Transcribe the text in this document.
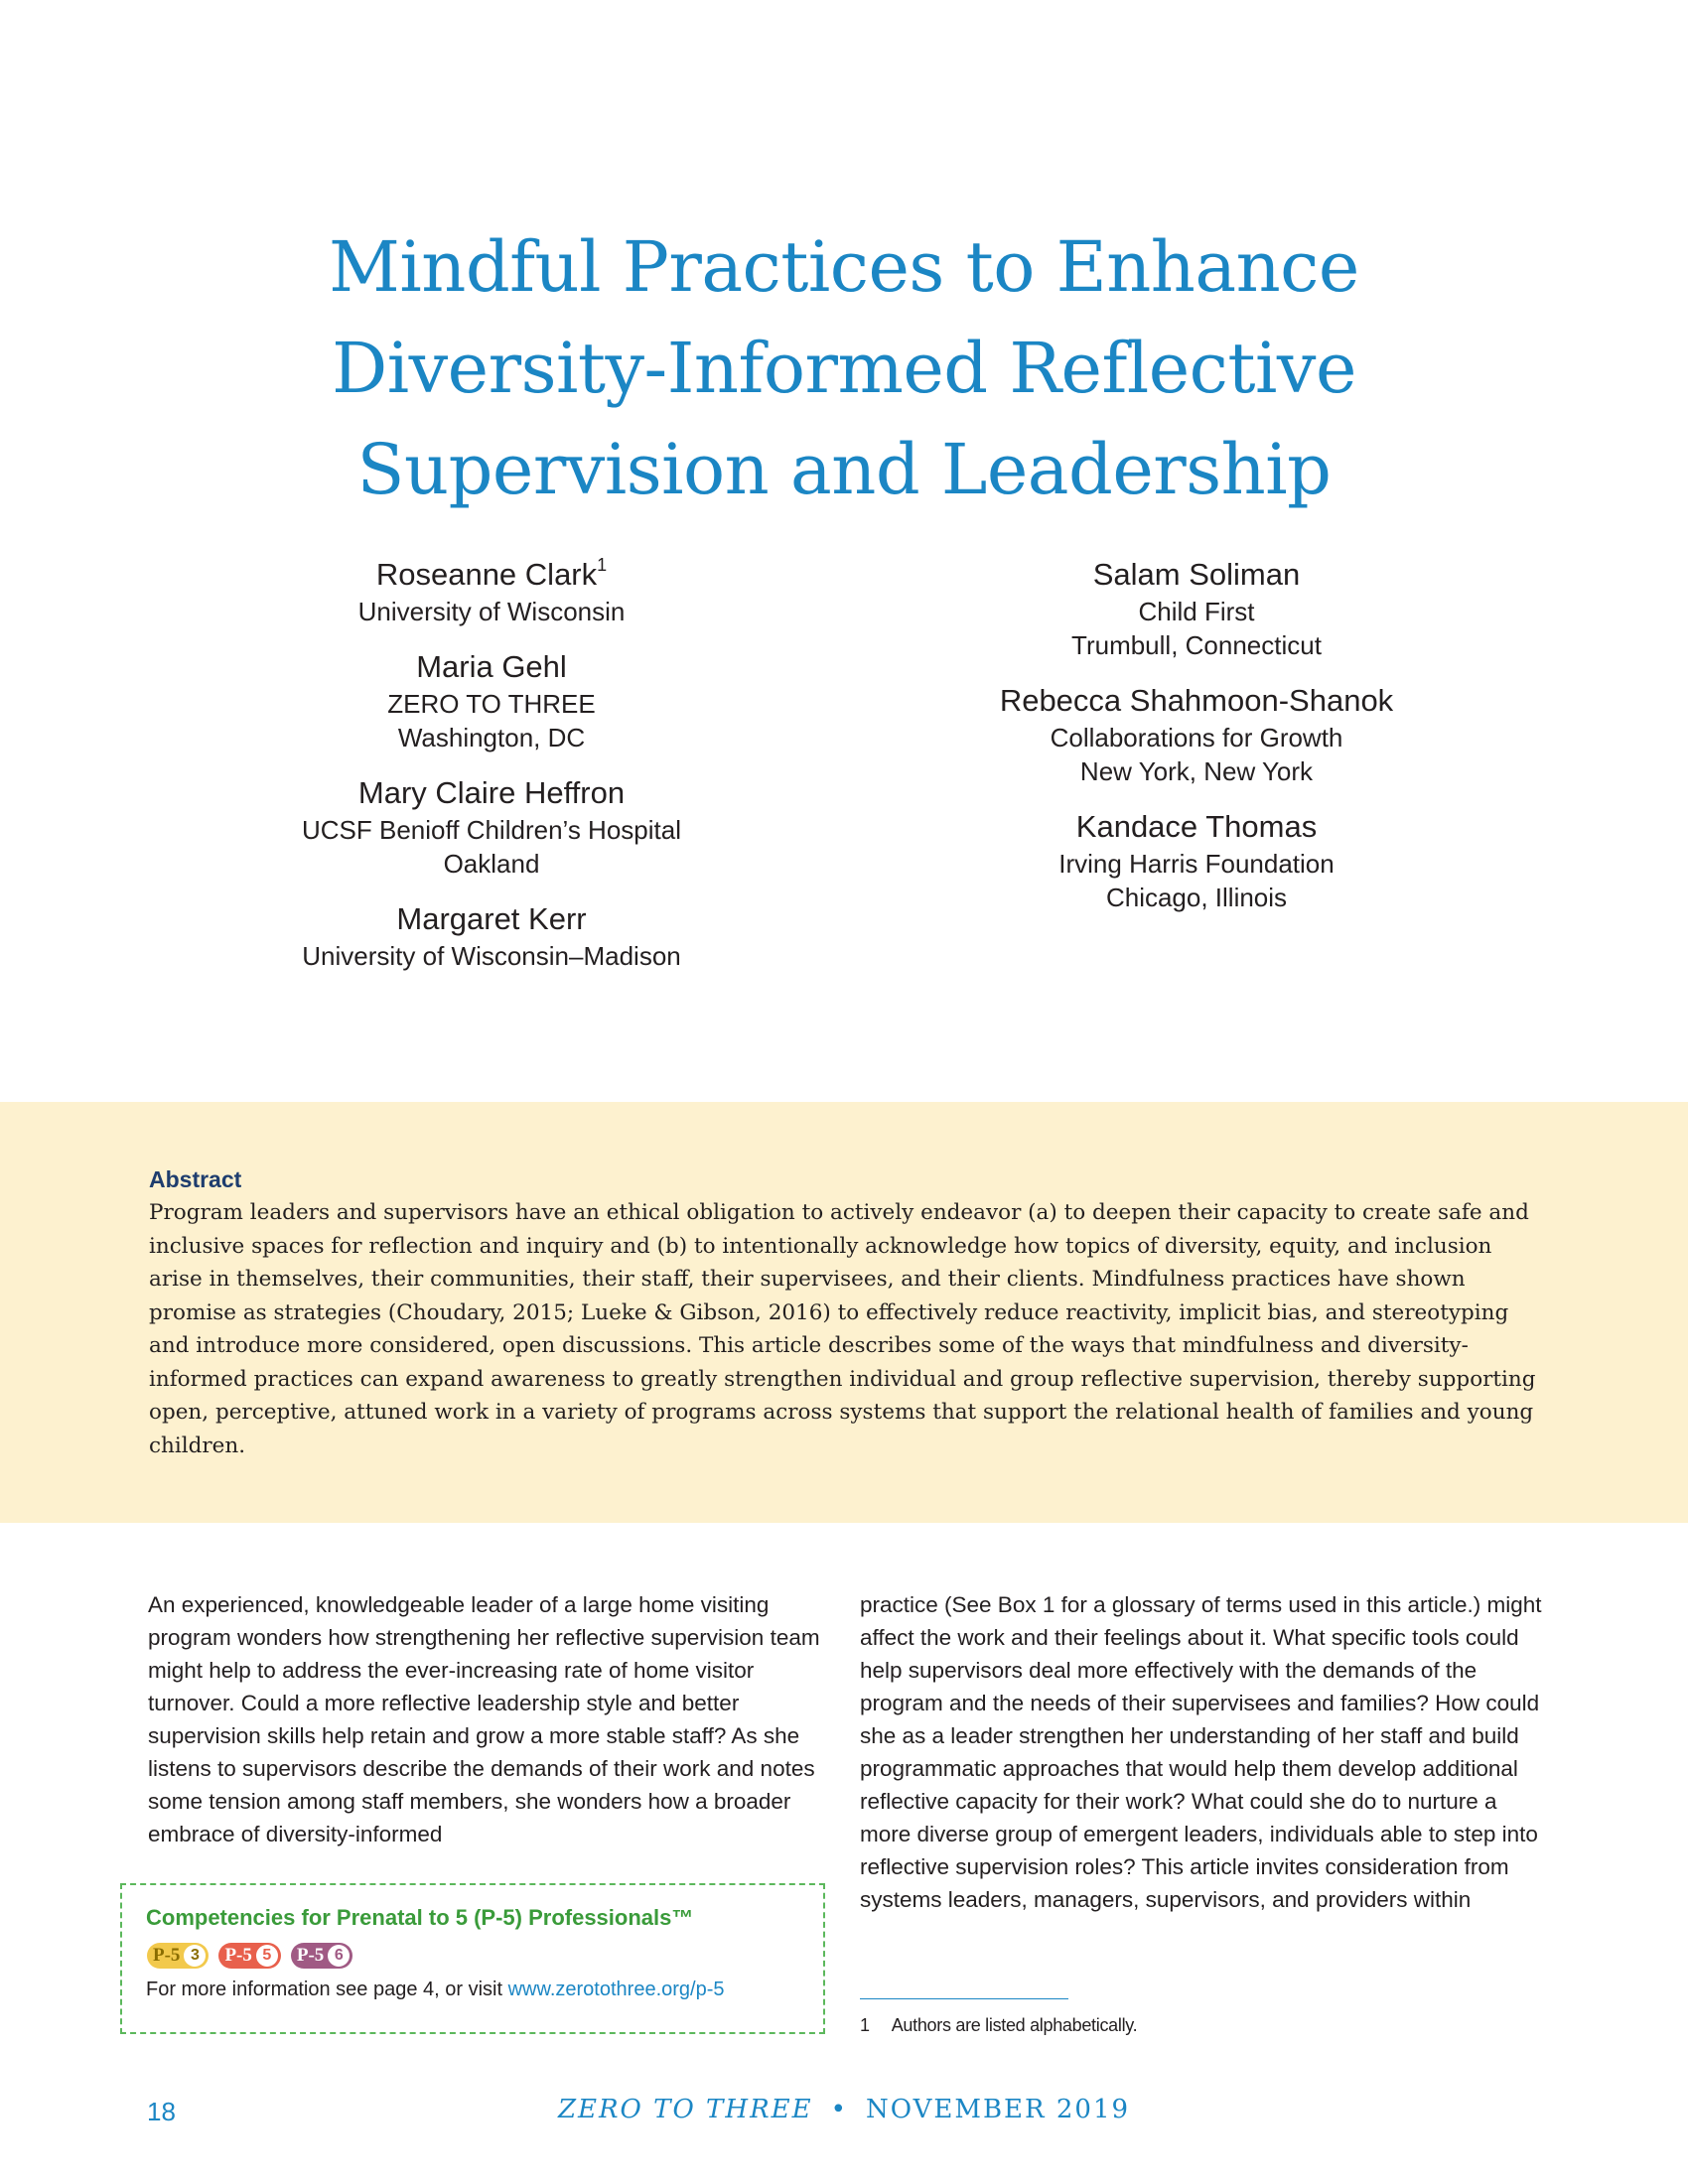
Mindful Practices to Enhance
Diversity-Informed Reflective
Supervision and Leadership
Roseanne Clark$^1$
University of Wisconsin
Maria Gehl
ZERO TO THREE
Washington, DC
Mary Claire Heffron
UCSF Benioff Children’s Hospital
Oakland
Margaret Kerr
University of Wisconsin–Madison
Salam Soliman
Child First
Trumbull, Connecticut
Rebecca Shahmoon-Shanok
Collaborations for Growth
New York, New York
Kandace Thomas
Irving Harris Foundation
Chicago, Illinois
Abstract
Program leaders and supervisors have an ethical obligation to actively endeavor (a) to deepen their capacity to create safe and inclusive spaces for reflection and inquiry and (b) to intentionally acknowledge how topics of diversity, equity, and inclusion arise in themselves, their communities, their staff, their supervisees, and their clients. Mindfulness practices have shown promise as strategies (Choudary, 2015; Lueke & Gibson, 2016) to effectively reduce reactivity, implicit bias, and stereotyping and introduce more considered, open discussions. This article describes some of the ways that mindfulness and diversity-informed practices can expand awareness to greatly strengthen individual and group reflective supervision, thereby supporting open, perceptive, attuned work in a variety of programs across systems that support the relational health of families and young children.
An experienced, knowledgeable leader of a large home visiting program wonders how strengthening her reflective supervision team might help to address the ever-increasing rate of home visitor turnover. Could a more reflective leadership style and better supervision skills help retain and grow a more stable staff? As she listens to supervisors describe the demands of their work and notes some tension among staff members, she wonders how a broader embrace of diversity-informed
practice (See Box 1 for a glossary of terms used in this article.) might affect the work and their feelings about it. What specific tools could help supervisors deal more effectively with the demands of the program and the needs of their supervisees and families? How could she as a leader strengthen her understanding of her staff and build programmatic approaches that would help them develop additional reflective capacity for their work? What could she do to nurture a more diverse group of emergent leaders, individuals able to step into reflective supervision roles? This article invites consideration from systems leaders, managers, supervisors, and providers within
Competencies for Prenatal to 5 (P-5) Professionals™
P-5 3	P-5 5	P-5 6
For more information see page 4, or visit www.zerotothree.org/p-5
1 Authors are listed alphabetically.
18	ZERO TO THREE • NOVEMBER 2019
